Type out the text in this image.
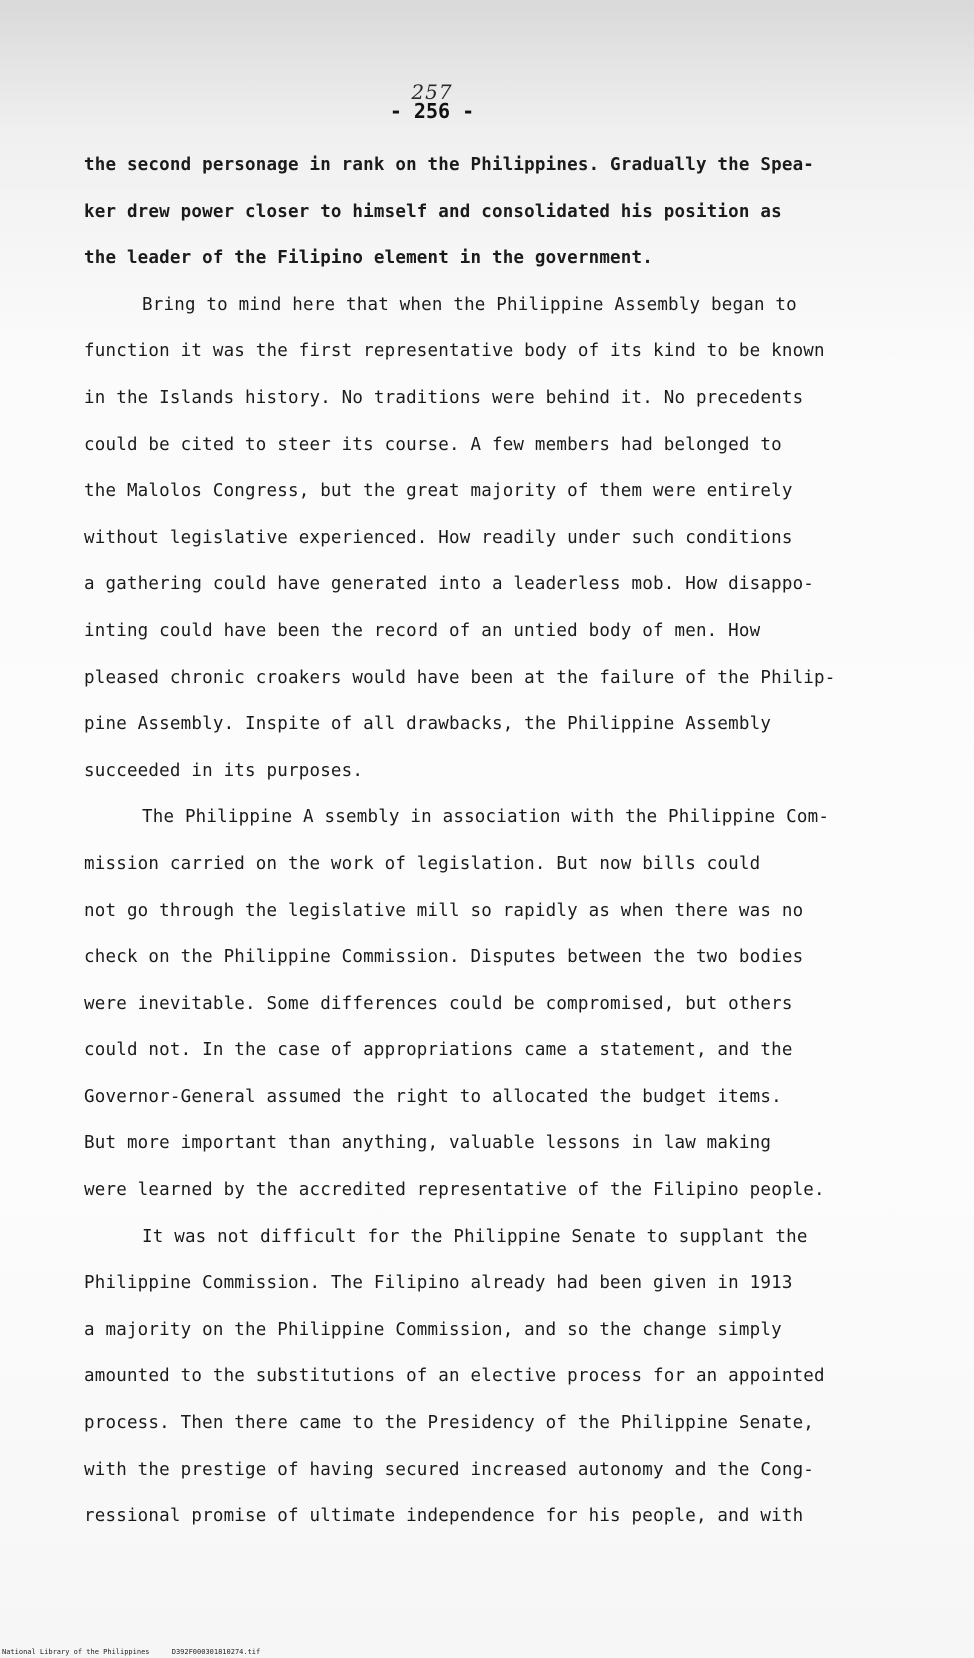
257
- 256 -
the second personage in rank on the Philippines. Gradually the Spea-
ker drew power closer to himself and consolidated his position as
the leader of the Filipino element in the government.
Bring to mind here that when the Philippine Assembly began to
function it was the first representative body of its kind to be known
in the Islands history. No traditions were behind it. No precedents
could be cited to steer its course. A few members had belonged to
the Malolos Congress, but the great majority of them were entirely
without legislative experienced. How readily under such conditions
a gathering could have generated into a leaderless mob. How disappo-
inting could have been the record of an untied body of men. How
pleased chronic croakers would have been at the failure of the Philip-
pine Assembly. Inspite of all drawbacks, the Philippine Assembly
succeeded in its purposes.
The Philippine A ssembly in association with the Philippine Com-
mission carried on the work of legislation. But now bills could
not go through the legislative mill so rapidly as when there was no
check on the Philippine Commission. Disputes between the two bodies
were inevitable. Some differences could be compromised, but others
could not. In the case of appropriations came a statement, and the
Governor-General assumed the right to allocated the budget items.
But more important than anything, valuable lessons in law making
were learned by the accredited representative of the Filipino people.
It was not difficult for the Philippine Senate to supplant the
Philippine Commission. The Filipino already had been given in 1913
a majority on the Philippine Commission, and so the change simply
amounted to the substitutions of an elective process for an appointed
process. Then there came to the Presidency of the Philippine Senate,
with the prestige of having secured increased autonomy and the Cong-
ressional promise of ultimate independence for his people, and with
National Library of the Philippines	D392F000301810274.tif
